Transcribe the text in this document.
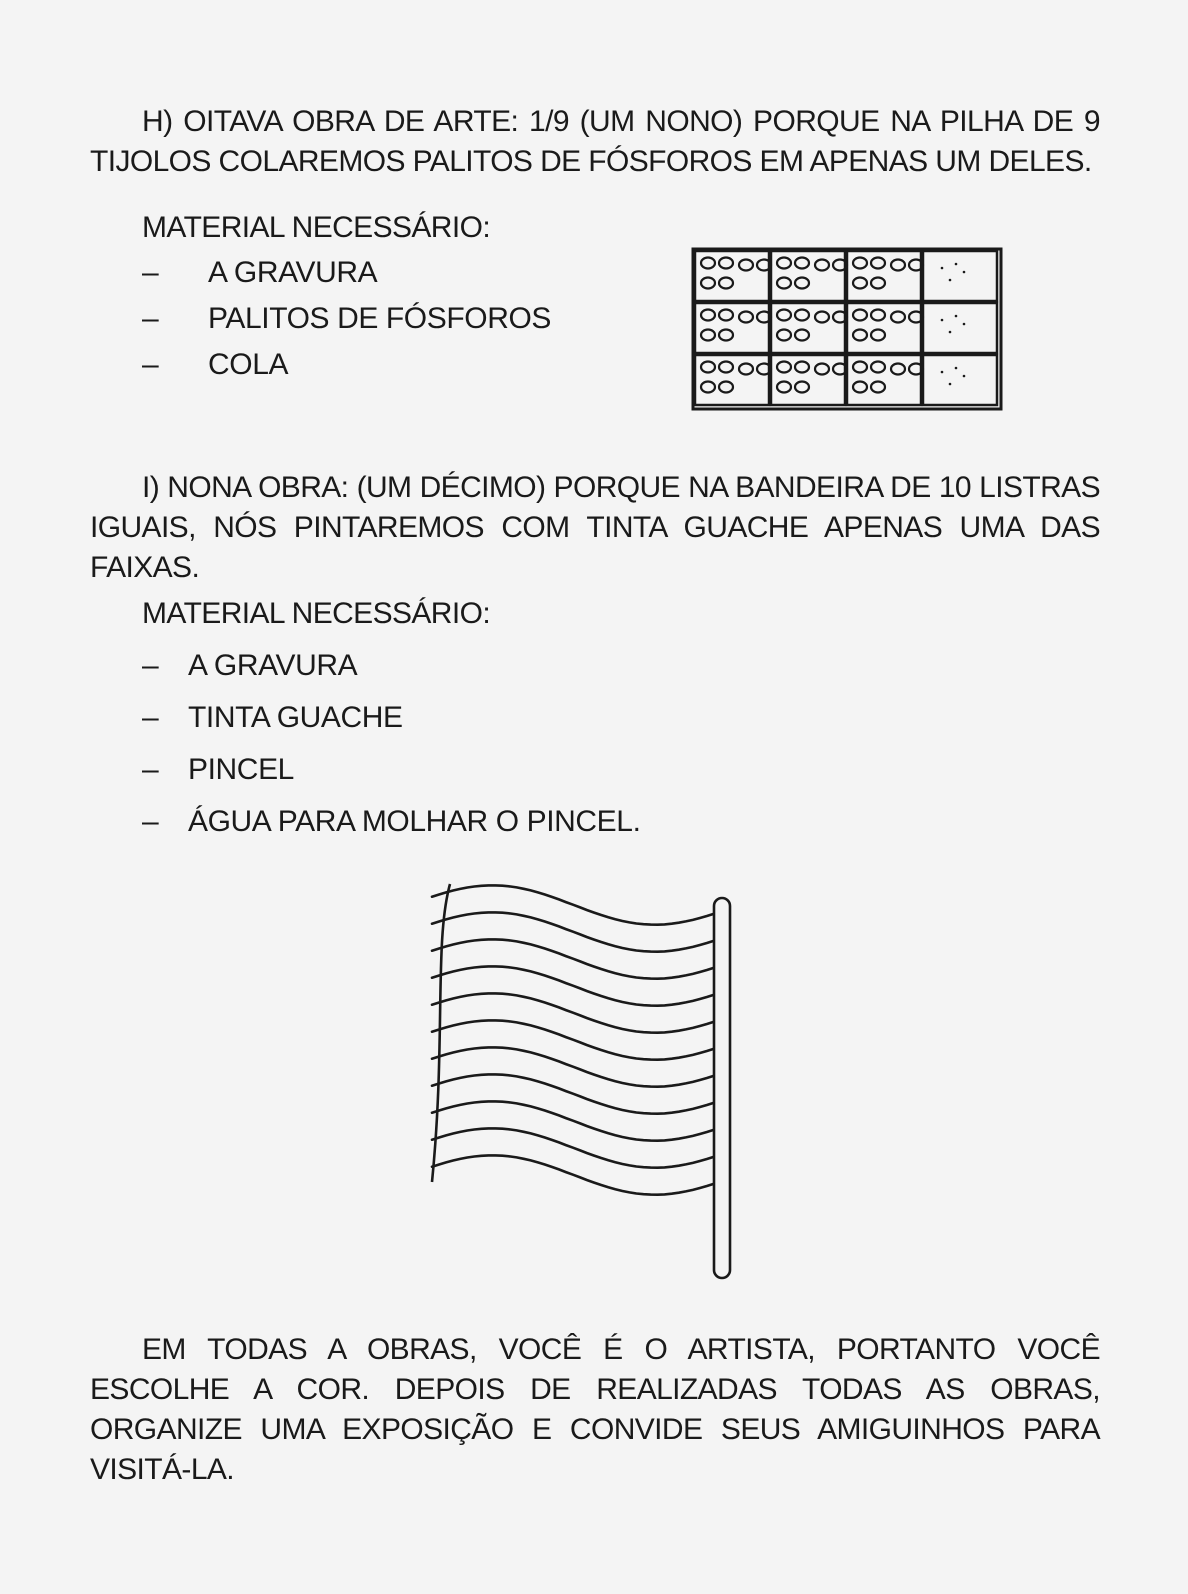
H) OITAVA OBRA DE ARTE: 1/9 (UM NONO) PORQUE NA PILHA DE 9 TIJOLOS COLAREMOS PALITOS DE FÓSFOROS EM APENAS UM DELES.

MATERIAL NECESSÁRIO:
– A GRAVURA
– PALITOS DE FÓSFOROS
– COLA

I) NONA OBRA: (UM DÉCIMO) PORQUE NA BANDEIRA DE 10 LISTRAS IGUAIS, NÓS PINTAREMOS COM TINTA GUACHE APENAS UMA DAS FAIXAS.

MATERIAL NECESSÁRIO:
– A GRAVURA
– TINTA GUACHE
– PINCEL
– ÁGUA PARA MOLHAR O PINCEL.

EM TODAS A OBRAS, VOCÊ É O ARTISTA, PORTANTO VOCÊ ESCOLHE A COR. DEPOIS DE REALIZADAS TODAS AS OBRAS, ORGANIZE UMA EXPOSIÇÃO E CONVIDE SEUS AMIGUINHOS PARA VISITÁ-LA.
